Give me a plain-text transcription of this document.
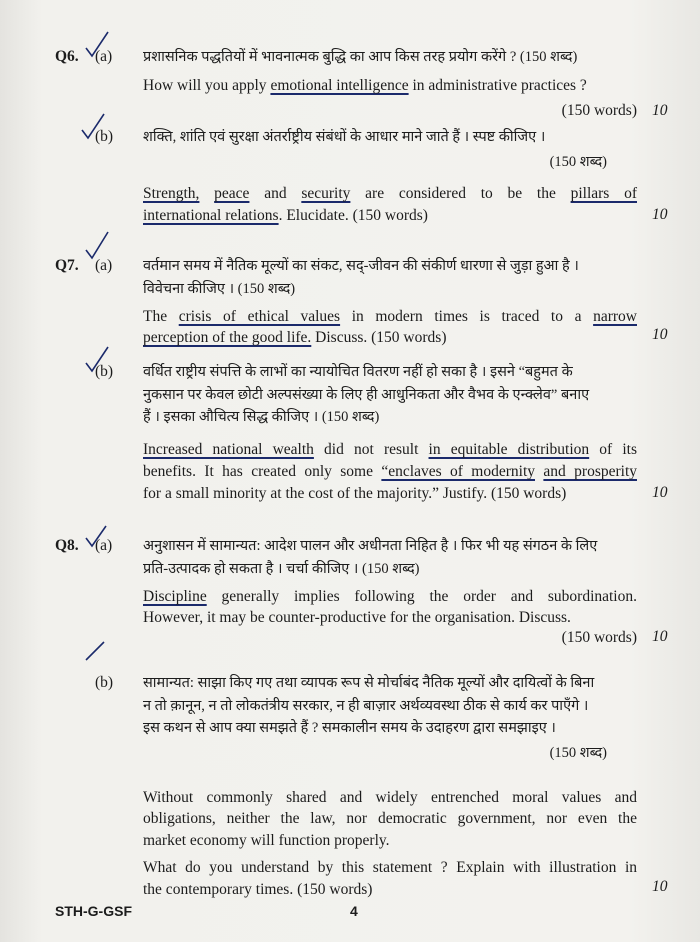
Q6. (a) प्रशासनिक पद्धतियों में भावनात्मक बुद्धि का आप किस तरह प्रयोग करेंगे ? (150 शब्द)
How will you apply emotional intelligence in administrative practices ?
(150 words) 10
(b) शक्ति, शांति एवं सुरक्षा अंतर्राष्ट्रीय संबंधों के आधार माने जाते हैं । स्पष्ट कीजिए ।
(150 शब्द)
Strength, peace and security are considered to be the pillars of
international relations. Elucidate. (150 words)	10
Q7. (a) वर्तमान समय में नैतिक मूल्यों का संकट, सद्-जीवन की संकीर्ण धारणा से जुड़ा हुआ है ।
विवेचना कीजिए । (150 शब्द)
The crisis of ethical values in modern times is traced to a narrow
perception of the good life. Discuss. (150 words)	10
(b) वर्धित राष्ट्रीय संपत्ति के लाभों का न्यायोचित वितरण नहीं हो सका है । इसने “बहुमत के
नुकसान पर केवल छोटी अल्पसंख्या के लिए ही आधुनिकता और वैभव के एन्क्लेव” बनाए
हैं । इसका औचित्य सिद्ध कीजिए । (150 शब्द)
Increased national wealth did not result in equitable distribution of its
benefits. It has created only some “enclaves of modernity and prosperity
for a small minority at the cost of the majority.” Justify. (150 words)	10
Q8. (a) अनुशासन में सामान्यत: आदेश पालन और अधीनता निहित है । फिर भी यह संगठन के लिए
प्रति-उत्पादक हो सकता है । चर्चा कीजिए । (150 शब्द)
Discipline generally implies following the order and subordination.
However, it may be counter-productive for the organisation. Discuss.
(150 words) 10
(b) सामान्यत: साझा किए गए तथा व्यापक रूप से मोर्चाबंद नैतिक मूल्यों और दायित्वों के बिना
न तो क़ानून, न तो लोकतंत्रीय सरकार, न ही बाज़ार अर्थव्यवस्था ठीक से कार्य कर पाएँगे ।
इस कथन से आप क्या समझते हैं ? समकालीन समय के उदाहरण द्वारा समझाइए ।
(150 शब्द)
Without commonly shared and widely entrenched moral values and
obligations, neither the law, nor democratic government, nor even the
market economy will function properly.
What do you understand by this statement ? Explain with illustration in
the contemporary times. (150 words)	10
STH-G-GSF	4
